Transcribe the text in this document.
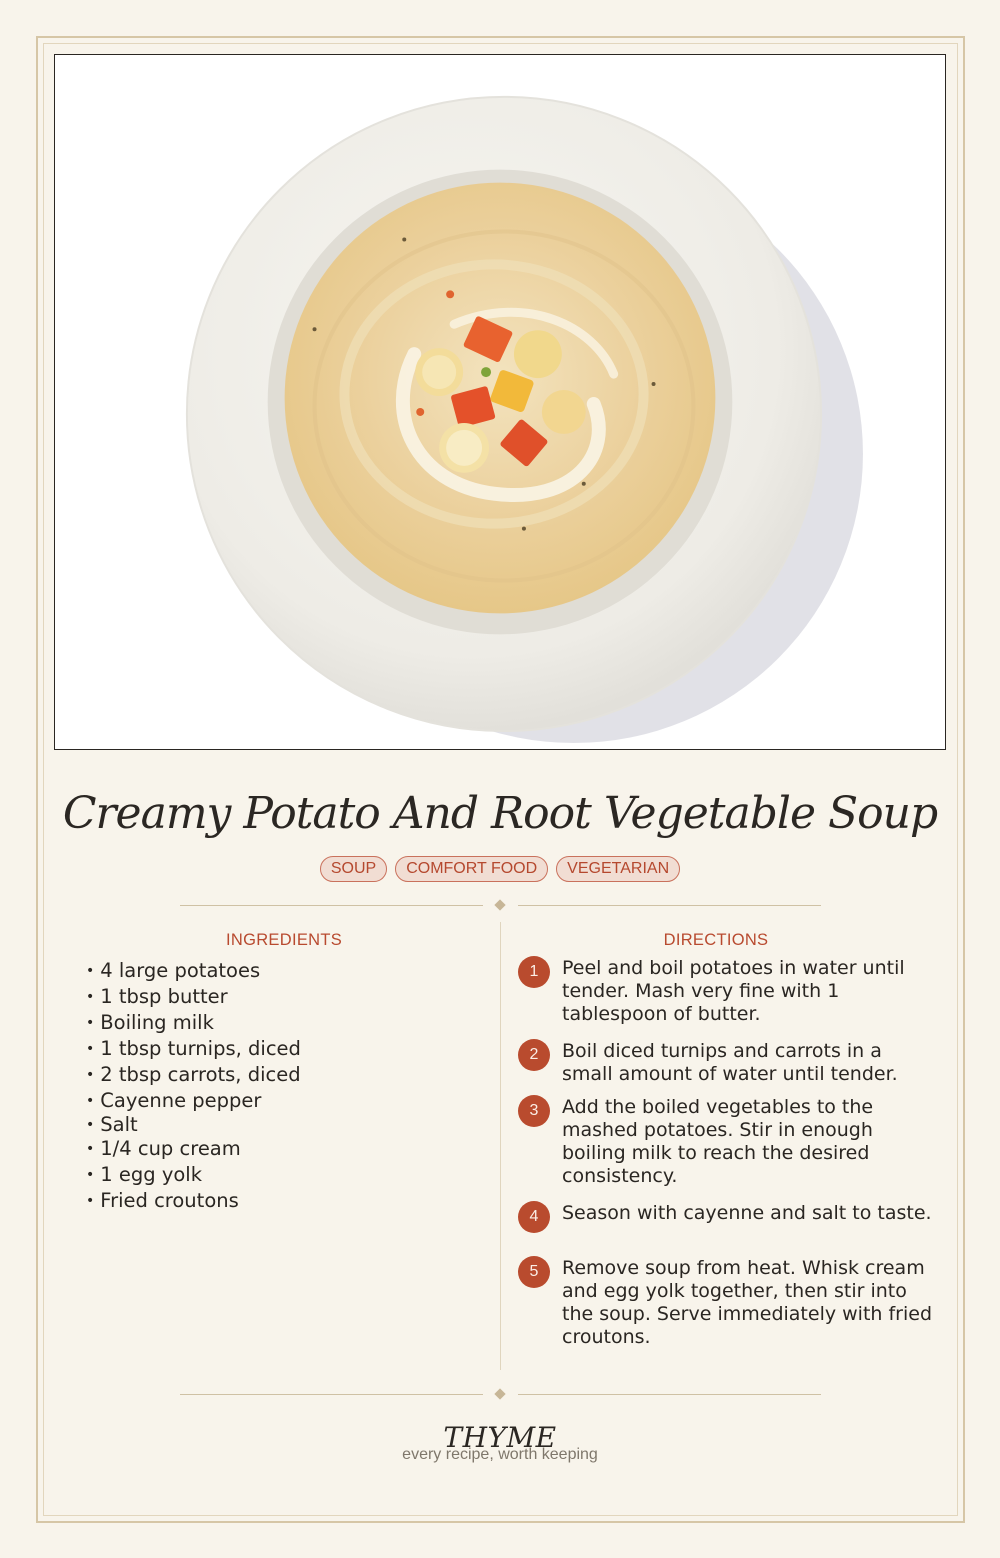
Creamy Potato And Root Vegetable Soup
SOUP COMFORT FOOD VEGETARIAN
INGREDIENTS	DIRECTIONS
• 4 large potatoes
• 1 tbsp butter
• Boiling milk
• 1 tbsp turnips, diced
• 2 tbsp carrots, diced
• Cayenne pepper
• Salt
• 1/4 cup cream
• 1 egg yolk
• Fried croutons
1	Peel and boil potatoes in water until tender. Mash very fine with 1 tablespoon of butter.
2	Boil diced turnips and carrots in a small amount of water until tender.
3	Add the boiled vegetables to the mashed potatoes. Stir in enough boiling milk to reach the desired consistency.
4	Season with cayenne and salt to taste.
5	Remove soup from heat. Whisk cream and egg yolk together, then stir into the soup. Serve immediately with fried croutons.
THYME
every recipe, worth keeping
